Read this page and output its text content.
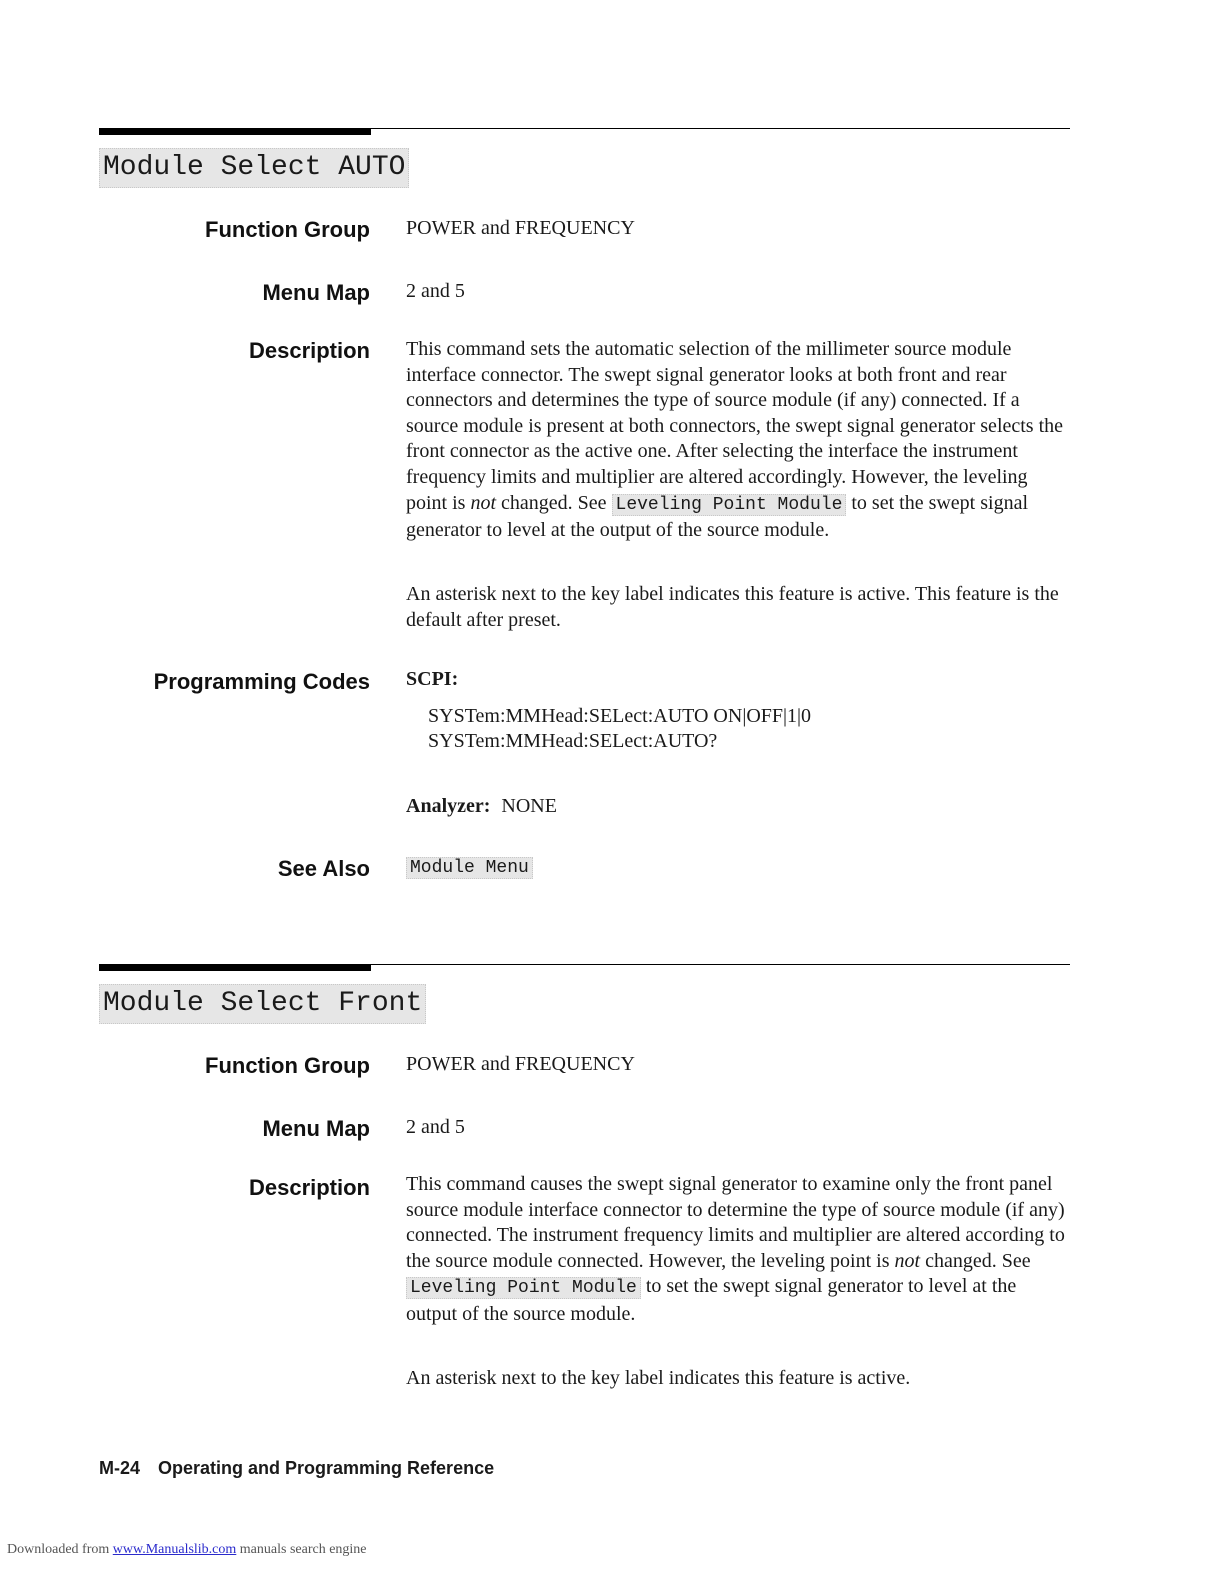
Module Select AUTO
Function Group POWER and FREQUENCY
Menu Map 2 and 5
Description This command sets the automatic selection of the millimeter source module interface connector. The swept signal generator looks at both front and rear connectors and determines the type of source module (if any) connected. If a source module is present at both connectors, the swept signal generator selects the front connector as the active one. After selecting the interface the instrument frequency limits and multiplier are altered accordingly. However, the leveling point is not changed. See Leveling Point Module to set the swept signal generator to level at the output of the source module.

An asterisk next to the key label indicates this feature is active. This feature is the default after preset.

Programming Codes SCPI:
SYSTem:MMHead:SELect:AUTO ON|OFF|1|0
SYSTem:MMHead:SELect:AUTO?
Analyzer: NONE
See Also Module Menu
Module Select Front
Function Group POWER and FREQUENCY
Menu Map 2 and 5
Description This command causes the swept signal generator to examine only the front panel source module interface connector to determine the type of source module (if any) connected. The instrument frequency limits and multiplier are altered according to the source module connected. However, the leveling point is not changed. See Leveling Point Module to set the swept signal generator to level at the output of the source module.

An asterisk next to the key label indicates this feature is active.

M-24 Operating and Programming Reference
Downloaded from www.Manualslib.com manuals search engine
